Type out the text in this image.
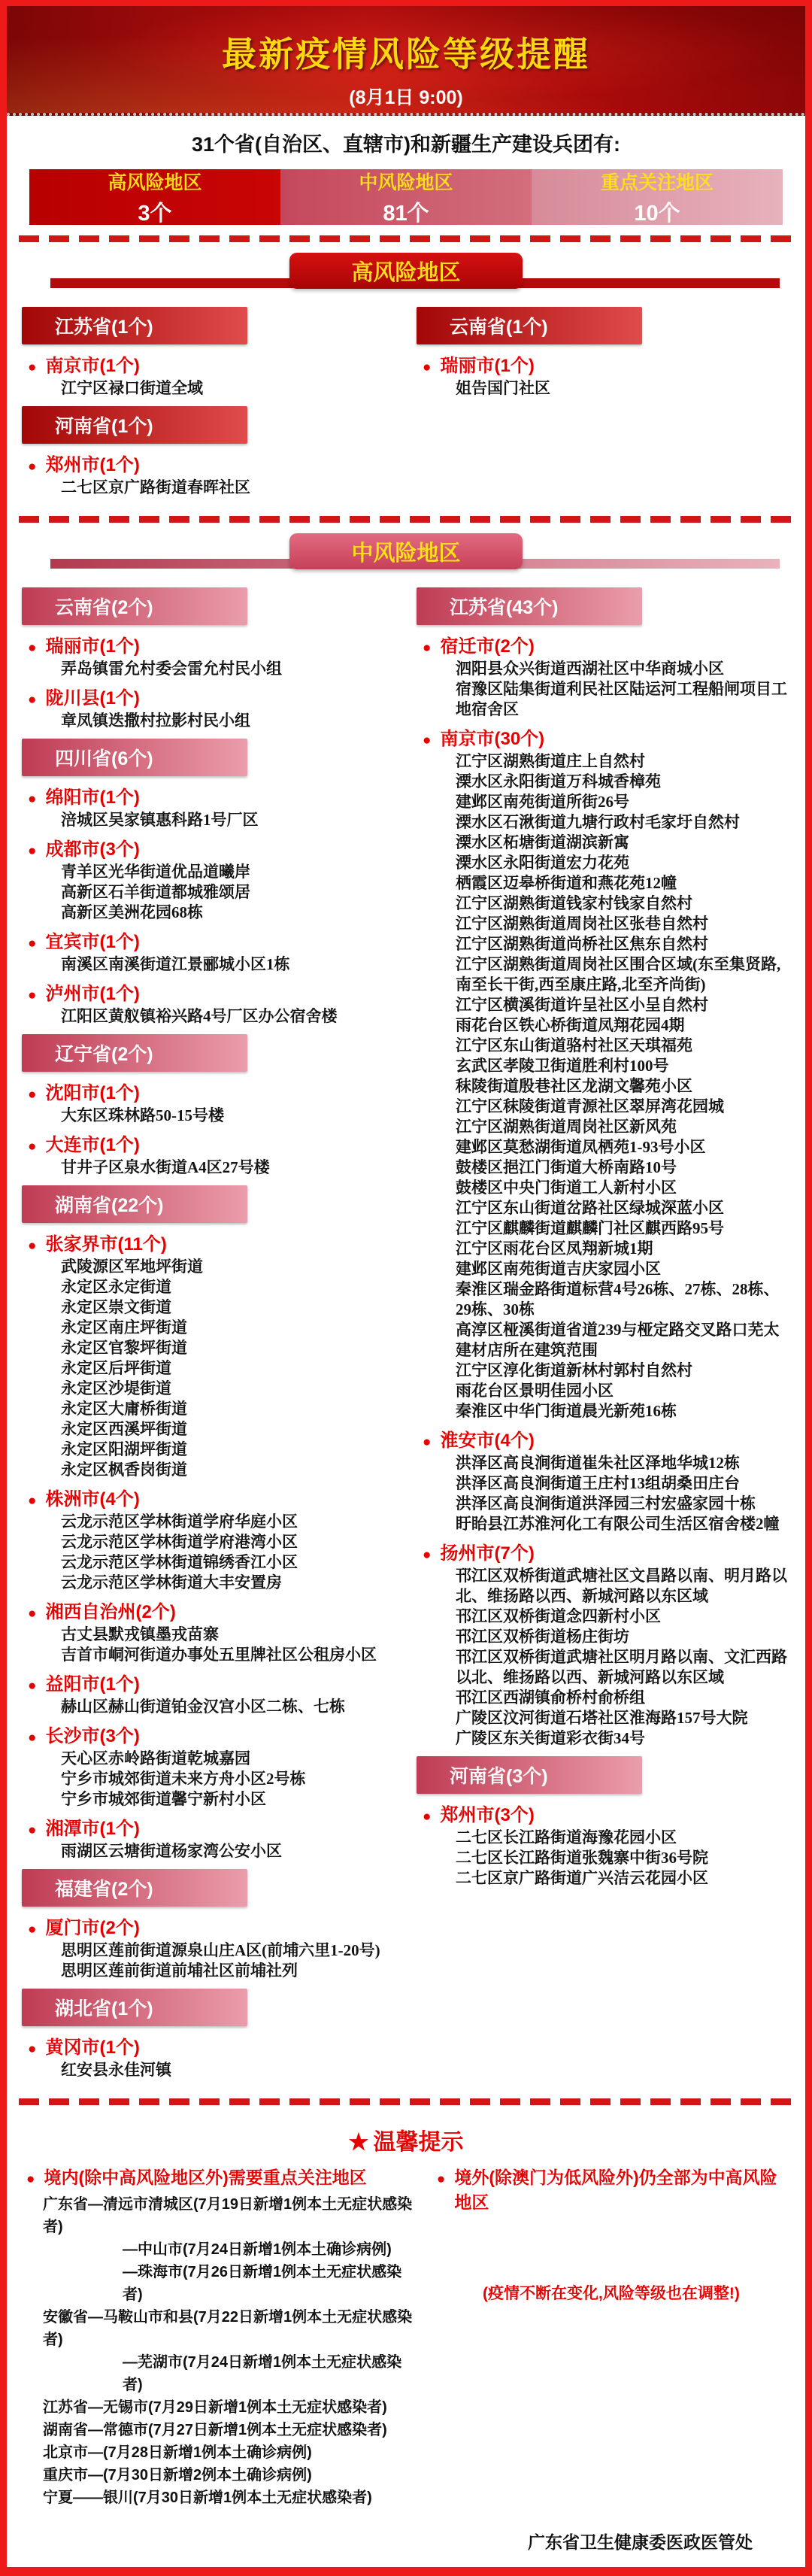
最新疫情风险等级提醒
(8月1日 9:00)
31个省(自治区、直辖市)和新疆生产建设兵团有:
高风险地区
3个
中风险地区
81个
重点关注地区
10个
高风险地区
江苏省(1个)
● 南京市(1个)
江宁区禄口街道全域
河南省(1个)
● 郑州市(1个)
二七区京广路街道春晖社区
云南省(1个)
● 瑞丽市(1个)
姐告国门社区
中风险地区
云南省(2个)
● 瑞丽市(1个)
弄岛镇雷允村委会雷允村民小组
● 陇川县(1个)
章凤镇迭撒村拉影村民小组
四川省(6个)
● 绵阳市(1个)
涪城区吴家镇惠科路1号厂区
● 成都市(3个)
青羊区光华街道优品道曦岸
高新区石羊街道都城雅颂居
高新区美洲花园68栋
● 宜宾市(1个)
南溪区南溪街道江景郦城小区1栋
● 泸州市(1个)
江阳区黄舣镇裕兴路4号厂区办公宿舍楼
辽宁省(2个)
● 沈阳市(1个)
大东区珠林路50-15号楼
● 大连市(1个)
甘井子区泉水街道A4区27号楼
湖南省(22个)
● 张家界市(11个)
武陵源区军地坪街道
永定区永定街道
永定区崇文街道
永定区南庄坪街道
永定区官黎坪街道
永定区后坪街道
永定区沙堤街道
永定区大庸桥街道
永定区西溪坪街道
永定区阳湖坪街道
永定区枫香岗街道
● 株洲市(4个)
云龙示范区学林街道学府华庭小区
云龙示范区学林街道学府港湾小区
云龙示范区学林街道锦绣香江小区
云龙示范区学林街道大丰安置房
● 湘西自治州(2个)
古丈县默戎镇墨戎苗寨
吉首市峒河街道办事处五里牌社区公租房小区
● 益阳市(1个)
赫山区赫山街道铂金汉宫小区二栋、七栋
● 长沙市(3个)
天心区赤岭路街道乾城嘉园
宁乡市城郊街道未来方舟小区2号栋
宁乡市城郊街道馨宁新村小区
● 湘潭市(1个)
雨湖区云塘街道杨家湾公安小区
福建省(2个)
● 厦门市(2个)
思明区莲前街道源泉山庄A区(前埔六里1-20号)
思明区莲前街道前埔社区前埔社列
湖北省(1个)
● 黄冈市(1个)
红安县永佳河镇
江苏省(43个)
● 宿迁市(2个)
泗阳县众兴街道西湖社区中华商城小区
宿豫区陆集街道利民社区陆运河工程船闸项目工地宿舍区
● 南京市(30个)
江宁区湖熟街道庄上自然村
溧水区永阳街道万科城香樟苑
建邺区南苑街道所街26号
溧水区石湫街道九塘行政村毛家圩自然村
溧水区柘塘街道湖滨新寓
溧水区永阳街道宏力花苑
栖霞区迈皋桥街道和燕花苑12幢
江宁区湖熟街道钱家村钱家自然村
江宁区湖熟街道周岗社区张巷自然村
江宁区湖熟街道尚桥社区焦东自然村
江宁区湖熟街道周岗社区围合区域(东至集贤路,南至长干街,西至康庄路,北至齐尚街)
江宁区横溪街道许呈社区小呈自然村
雨花台区铁心桥街道凤翔花园4期
江宁区东山街道骆村社区天琪福苑
玄武区孝陵卫街道胜利村100号
秣陵街道殷巷社区龙湖文馨苑小区
江宁区秣陵街道青源社区翠屏湾花园城
江宁区湖熟街道周岗社区新风苑
建邺区莫愁湖街道凤栖苑1-93号小区
鼓楼区挹江门街道大桥南路10号
鼓楼区中央门街道工人新村小区
江宁区东山街道岔路社区绿城深蓝小区
江宁区麒麟街道麒麟门社区麒西路95号
江宁区雨花台区凤翔新城1期
建邺区南苑街道吉庆家园小区
秦淮区瑞金路街道标营4号26栋、27栋、28栋、29栋、30栋
高淳区桠溪街道省道239与桠定路交叉路口芜太建材店所在建筑范围
江宁区淳化街道新林村郭村自然村
雨花台区景明佳园小区
秦淮区中华门街道晨光新苑16栋
● 淮安市(4个)
洪泽区高良涧街道崔朱社区泽地华城12栋
洪泽区高良涧街道王庄村13组胡桑田庄台
洪泽区高良涧街道洪泽园三村宏盛家园十栋
盱眙县江苏淮河化工有限公司生活区宿舍楼2幢
● 扬州市(7个)
邗江区双桥街道武塘社区文昌路以南、明月路以北、维扬路以西、新城河路以东区域
邗江区双桥街道念四新村小区
邗江区双桥街道杨庄街坊
邗江区双桥街道武塘社区明月路以南、文汇西路以北、维扬路以西、新城河路以东区域
邗江区西湖镇俞桥村俞桥组
广陵区汶河街道石塔社区淮海路157号大院
广陵区东关街道彩衣街34号
河南省(3个)
● 郑州市(3个)
二七区长江路街道海豫花园小区
二七区长江路街道张魏寨中街36号院
二七区京广路街道广兴洁云花园小区
★ 温馨提示
● 境内(除中高风险地区外)需要重点关注地区
广东省—清远市清城区(7月19日新增1例本土无症状感染者)
—中山市(7月24日新增1例本土确诊病例)
—珠海市(7月26日新增1例本土无症状感染者)
安徽省—马鞍山市和县(7月22日新增1例本土无症状感染者)
—芜湖市(7月24日新增1例本土无症状感染者)
江苏省—无锡市(7月29日新增1例本土无症状感染者)
湖南省—常德市(7月27日新增1例本土无症状感染者)
北京市—(7月28日新增1例本土确诊病例)
重庆市—(7月30日新增2例本土确诊病例)
宁夏——银川(7月30日新增1例本土无症状感染者)
● 境外(除澳门为低风险外)仍全部为中高风险地区
(疫情不断在变化,风险等级也在调整!)
广东省卫生健康委医政医管处
